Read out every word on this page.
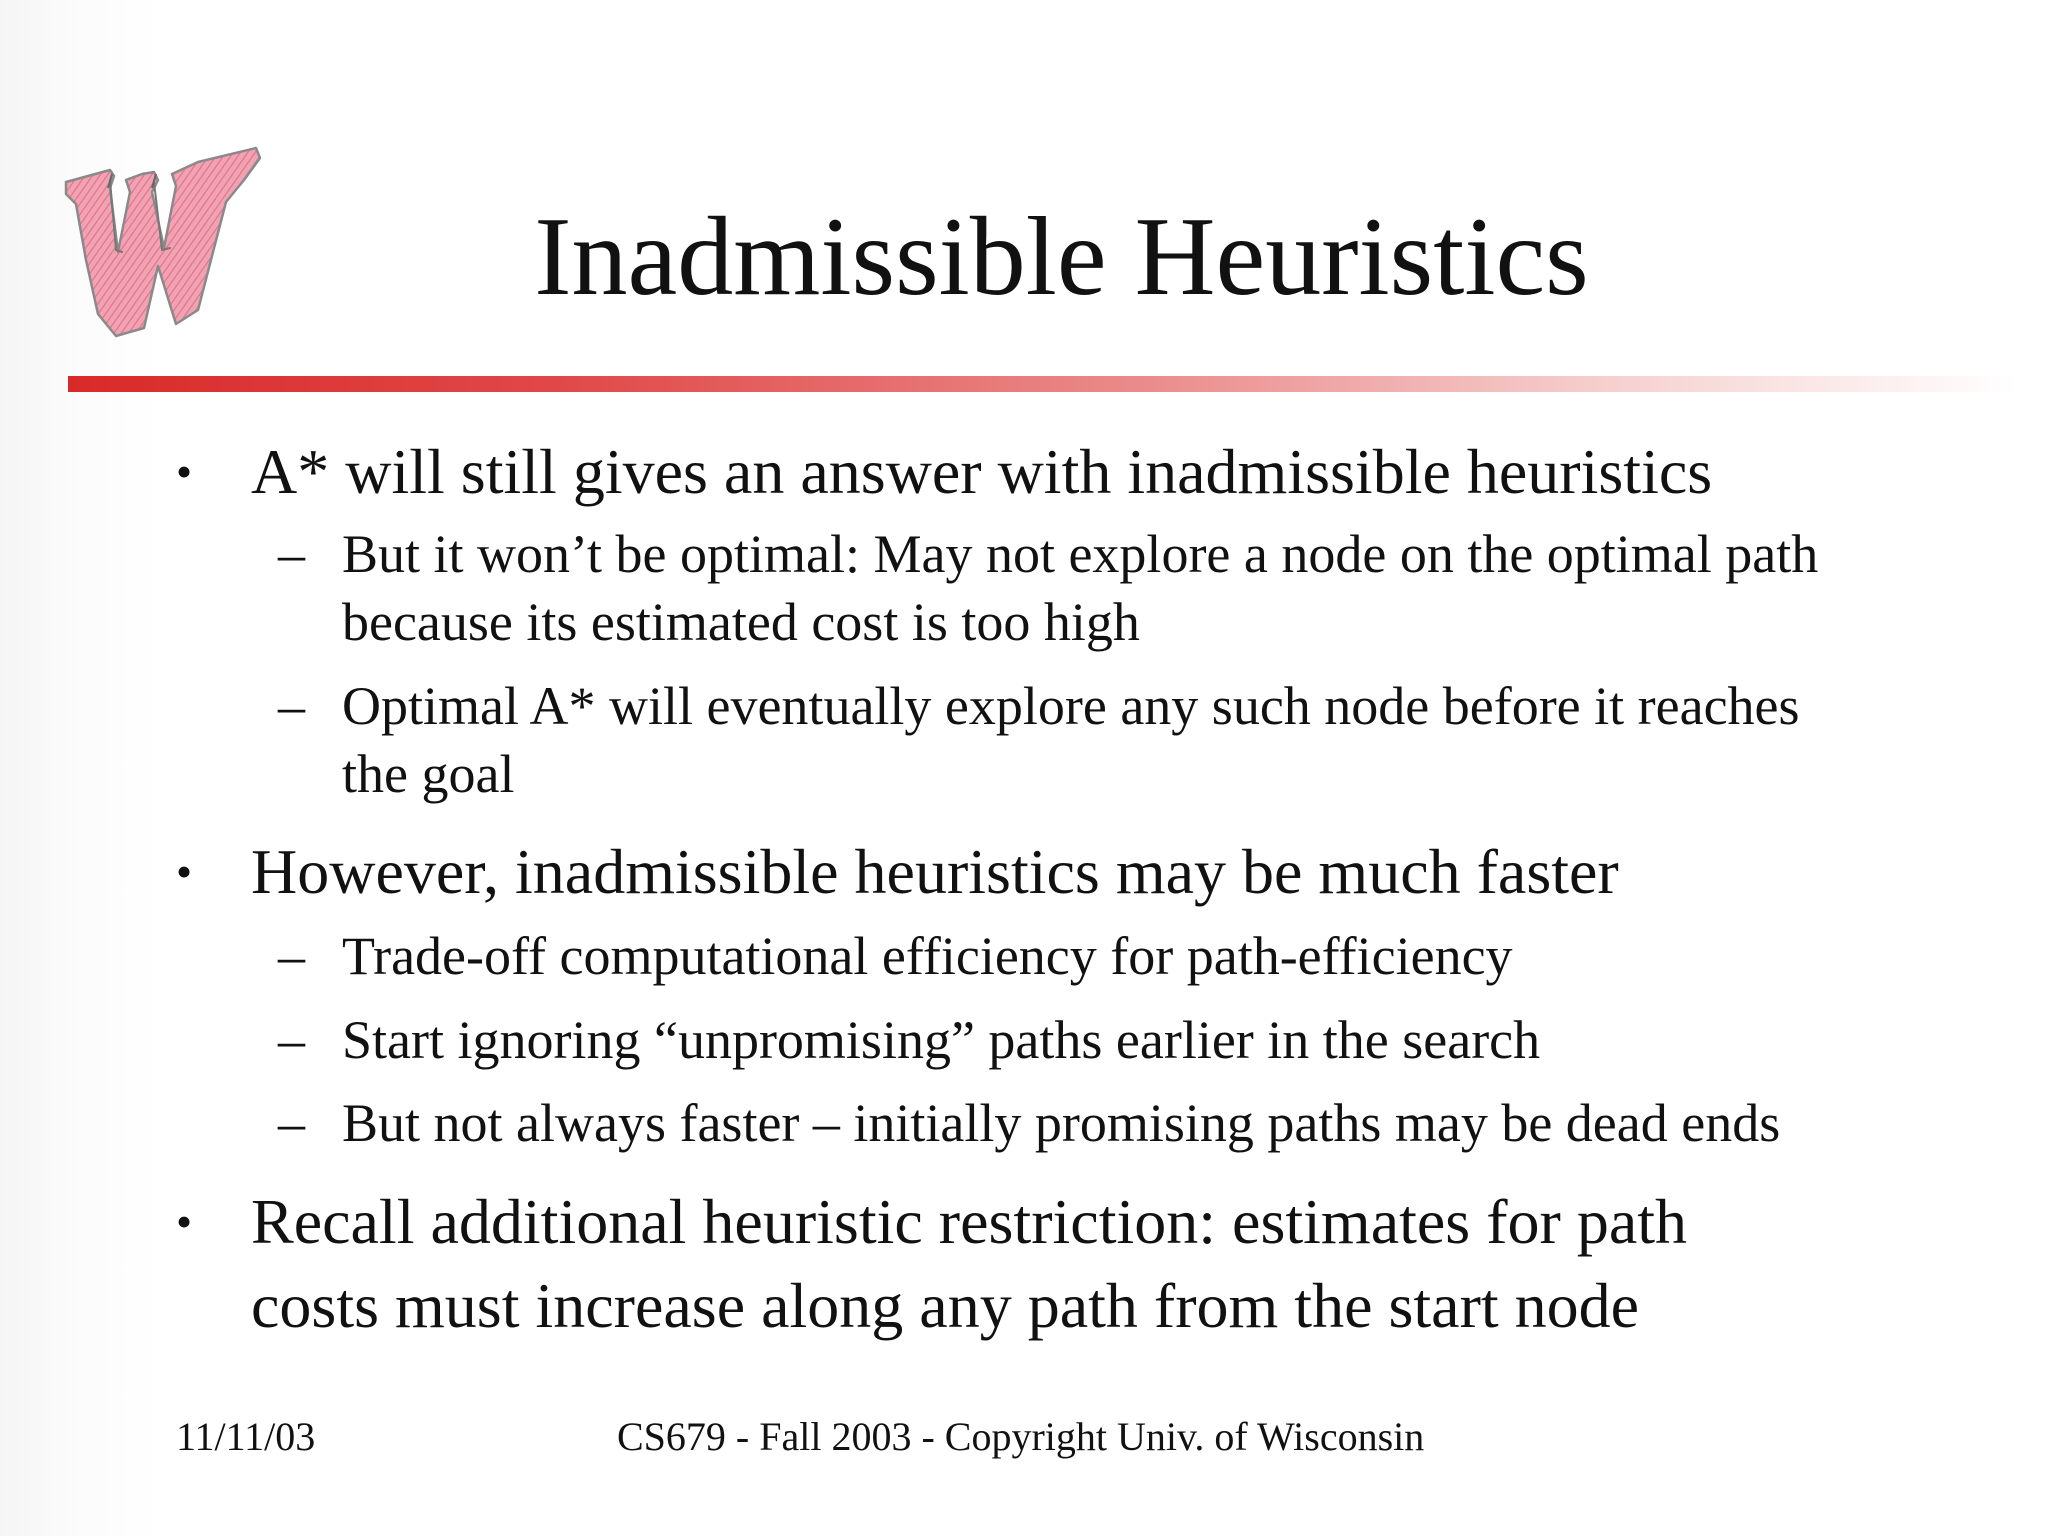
Inadmissible Heuristics
• A* will still gives an answer with inadmissible heuristics
– But it won’t be optimal: May not explore a node on the optimal path
because its estimated cost is too high
– Optimal A* will eventually explore any such node before it reaches
the goal
• However, inadmissible heuristics may be much faster
– Trade-off computational efficiency for path-efficiency
– Start ignoring “unpromising” paths earlier in the search
– But not always faster – initially promising paths may be dead ends
• Recall additional heuristic restriction: estimates for path
costs must increase along any path from the start node
11/11/03	CS679 - Fall 2003 - Copyright Univ. of Wisconsin
